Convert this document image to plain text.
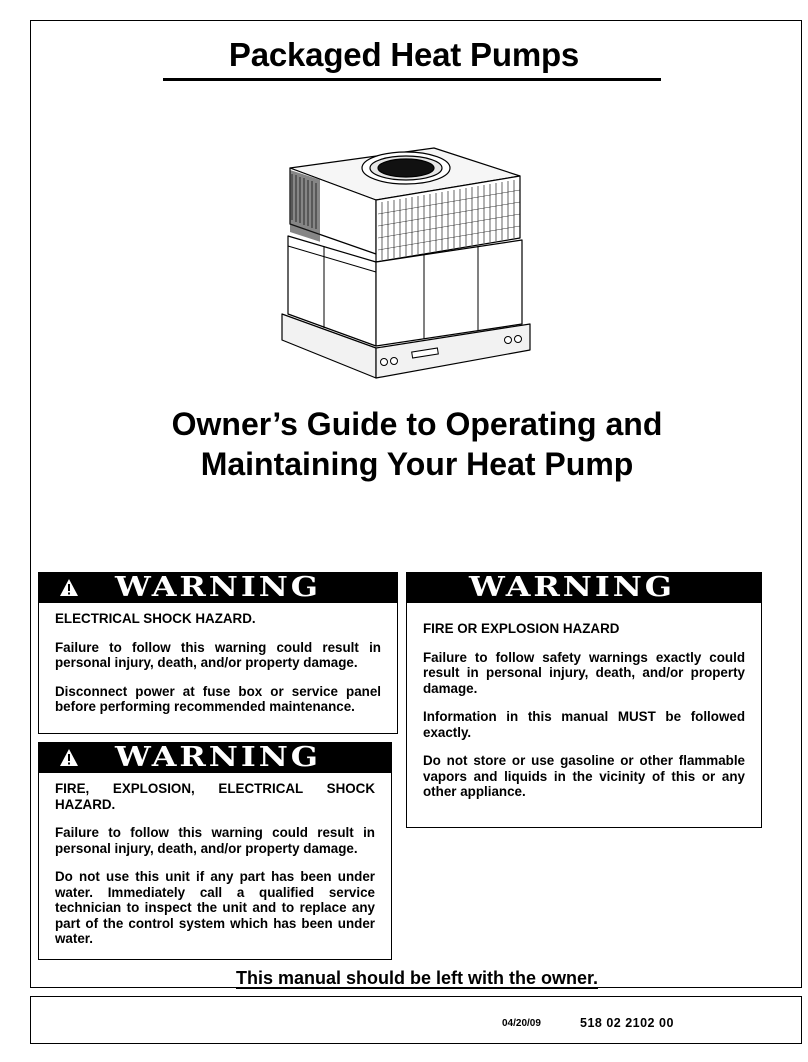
Packaged Heat Pumps
Owner’s Guide to Operating and
Maintaining Your Heat Pump
WARNING

ELECTRICAL SHOCK HAZARD.

Failure to follow this warning could result in personal injury, death, and/or property damage.

Disconnect power at fuse box or service panel before performing recommended maintenance.

WARNING

FIRE, EXPLOSION, ELECTRICAL SHOCK HAZARD.

Failure to follow this warning could result in personal injury, death, and/or property damage.

Do not use this unit if any part has been under water. Immediately call a qualified service technician to inspect the unit and to replace any part of the control system which has been under water.

WARNING

FIRE OR EXPLOSION HAZARD

Failure to follow safety warnings exactly could result in personal injury, death, and/or property damage.

Information in this manual MUST be followed exactly.

Do not store or use gasoline or other flammable vapors and liquids in the vicinity of this or any other appliance.

This manual should be left with the owner.
04/20/09	518 02 2102 00
